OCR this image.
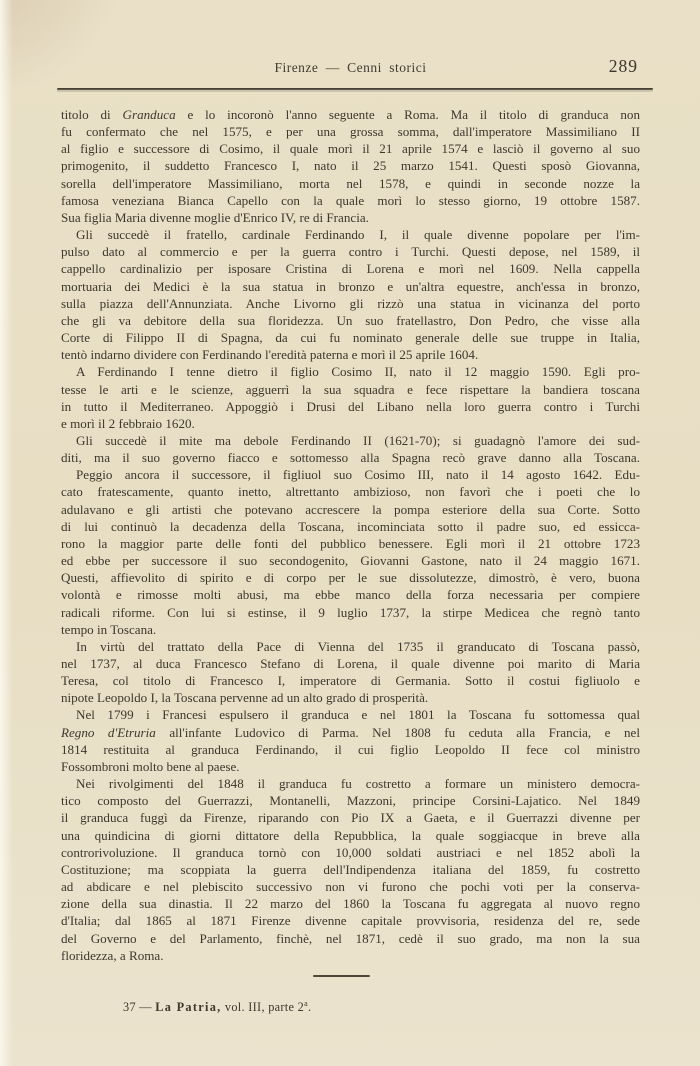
Firenze — Cenni storici	289
titolo di Granduca e lo incoronò l'anno seguente a Roma. Ma il titolo di granduca non
fu confermato che nel 1575, e per una grossa somma, dall'imperatore Massimiliano II
al figlio e successore di Cosimo, il quale morì il 21 aprile 1574 e lasciò il governo al suo
primogenito, il suddetto Francesco I, nato il 25 marzo 1541. Questi sposò Giovanna,
sorella dell'imperatore Massimiliano, morta nel 1578, e quindi in seconde nozze la
famosa veneziana Bianca Capello con la quale morì lo stesso giorno, 19 ottobre 1587.
Sua figlia Maria divenne moglie d'Enrico IV, re di Francia.
Gli succedè il fratello, cardinale Ferdinando I, il quale divenne popolare per l'im-
pulso dato al commercio e per la guerra contro i Turchi. Questi depose, nel 1589, il
cappello cardinalizio per isposare Cristina di Lorena e morì nel 1609. Nella cappella
mortuaria dei Medici è la sua statua in bronzo e un'altra equestre, anch'essa in bronzo,
sulla piazza dell'Annunziata. Anche Livorno gli rizzò una statua in vicinanza del porto
che gli va debitore della sua floridezza. Un suo fratellastro, Don Pedro, che visse alla
Corte di Filippo II di Spagna, da cui fu nominato generale delle sue truppe in Italia,
tentò indarno dividere con Ferdinando l'eredità paterna e morì il 25 aprile 1604.
A Ferdinando I tenne dietro il figlio Cosimo II, nato il 12 maggio 1590. Egli pro-
tesse le arti e le scienze, agguerrì la sua squadra e fece rispettare la bandiera toscana
in tutto il Mediterraneo. Appoggiò i Drusi del Libano nella loro guerra contro i Turchi
e morì il 2 febbraio 1620.
Gli succedè il mite ma debole Ferdinando II (1621-70); si guadagnò l'amore dei sud-
diti, ma il suo governo fiacco e sottomesso alla Spagna recò grave danno alla Toscana.
Peggio ancora il successore, il figliuol suo Cosimo III, nato il 14 agosto 1642. Edu-
cato fratescamente, quanto inetto, altrettanto ambizioso, non favorì che i poeti che lo
adulavano e gli artisti che potevano accrescere la pompa esteriore della sua Corte. Sotto
di lui continuò la decadenza della Toscana, incominciata sotto il padre suo, ed essicca-
rono la maggior parte delle fonti del pubblico benessere. Egli morì il 21 ottobre 1723
ed ebbe per successore il suo secondogenito, Giovanni Gastone, nato il 24 maggio 1671.
Questi, affievolito di spirito e di corpo per le sue dissolutezze, dimostrò, è vero, buona
volontà e rimosse molti abusi, ma ebbe manco della forza necessaria per compiere
radicali riforme. Con lui si estinse, il 9 luglio 1737, la stirpe Medicea che regnò tanto
tempo in Toscana.
In virtù del trattato della Pace di Vienna del 1735 il granducato di Toscana passò,
nel 1737, al duca Francesco Stefano di Lorena, il quale divenne poi marito di Maria
Teresa, col titolo di Francesco I, imperatore di Germania. Sotto il costui figliuolo e
nipote Leopoldo I, la Toscana pervenne ad un alto grado di prosperità.
Nel 1799 i Francesi espulsero il granduca e nel 1801 la Toscana fu sottomessa qual
Regno d'Etruria all'infante Ludovico di Parma. Nel 1808 fu ceduta alla Francia, e nel
1814 restituita al granduca Ferdinando, il cui figlio Leopoldo II fece col ministro
Fossombroni molto bene al paese.
Nei rivolgimenti del 1848 il granduca fu costretto a formare un ministero democra-
tico composto del Guerrazzi, Montanelli, Mazzoni, principe Corsini-Lajatico. Nel 1849
il granduca fuggì da Firenze, riparando con Pio IX a Gaeta, e il Guerrazzi divenne per
una quindicina di giorni dittatore della Repubblica, la quale soggiacque in breve alla
controrivoluzione. Il granduca tornò con 10,000 soldati austriaci e nel 1852 abolì la
Costituzione; ma scoppiata la guerra dell'Indipendenza italiana del 1859, fu costretto
ad abdicare e nel plebiscito successivo non vi furono che pochi voti per la conserva-
zione della sua dinastia. Il 22 marzo del 1860 la Toscana fu aggregata al nuovo regno
d'Italia; dal 1865 al 1871 Firenze divenne capitale provvisoria, residenza del re, sede
del Governo e del Parlamento, finchè, nel 1871, cedè il suo grado, ma non la sua
floridezza, a Roma.
37 — La Patria, vol. III, parte 2$^a$.
